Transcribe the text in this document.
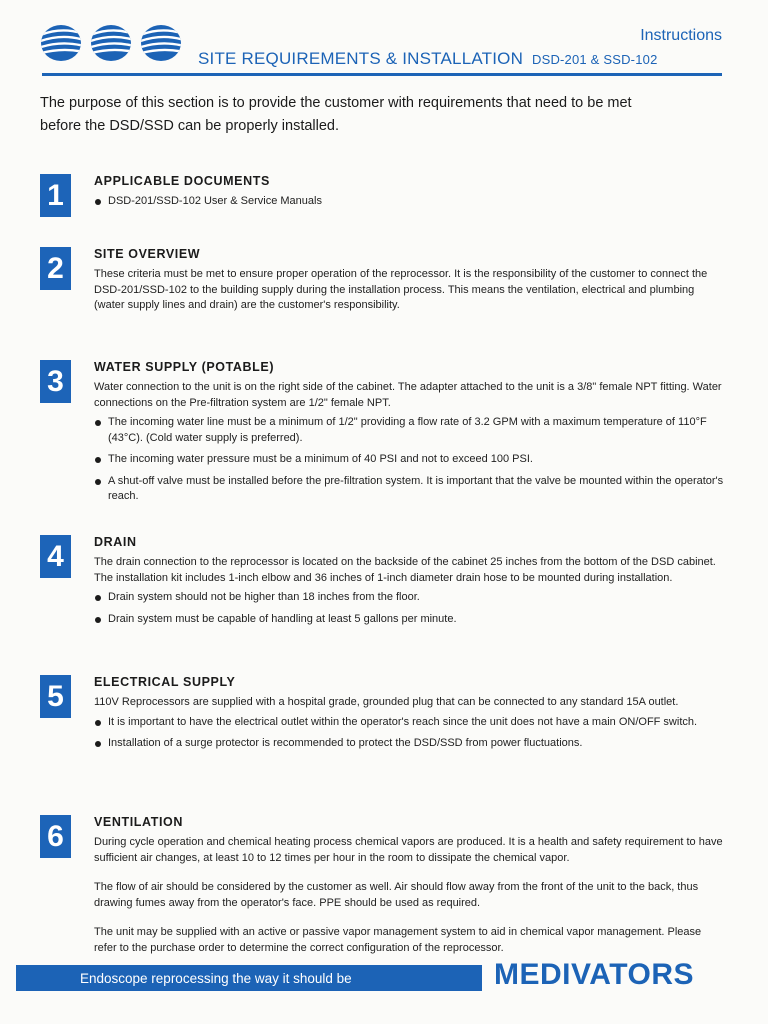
Instructions
SITE REQUIREMENTS & INSTALLATION DSD-201 & SSD-102
The purpose of this section is to provide the customer with requirements that need to be met
before the DSD/SSD can be properly installed.
1	APPLICABLE DOCUMENTS
DSD-201/SSD-102 User & Service Manuals
2	SITE OVERVIEW

These criteria must be met to ensure proper operation of the reprocessor. It is the responsibility of the customer to connect the DSD-201/SSD-102 to the building supply during the installation process. This means the ventilation, electrical and plumbing (water supply lines and drain) are the customer's responsibility.

3	WATER SUPPLY (POTABLE)

Water connection to the unit is on the right side of the cabinet. The adapter attached to the unit is a 3/8" female NPT fitting. Water connections on the Pre-filtration system are 1/2" female NPT.

The incoming water line must be a minimum of 1/2" providing a flow rate of 3.2 GPM with a maximum temperature of 110°F (43°C). (Cold water supply is preferred).
The incoming water pressure must be a minimum of 40 PSI and not to exceed 100 PSI.
A shut-off valve must be installed before the pre-filtration system. It is important that the valve be mounted within the operator's reach.
4	DRAIN

The drain connection to the reprocessor is located on the backside of the cabinet 25 inches from the bottom of the DSD cabinet. The installation kit includes 1-inch elbow and 36 inches of 1-inch diameter drain hose to be mounted during installation.

Drain system should not be higher than 18 inches from the floor.
Drain system must be capable of handling at least 5 gallons per minute.
5	ELECTRICAL SUPPLY

110V Reprocessors are supplied with a hospital grade, grounded plug that can be connected to any standard 15A outlet.

It is important to have the electrical outlet within the operator's reach since the unit does not have a main ON/OFF switch.
Installation of a surge protector is recommended to protect the DSD/SSD from power fluctuations.
6	VENTILATION

During cycle operation and chemical heating process chemical vapors are produced. It is a health and safety requirement to have sufficient air changes, at least 10 to 12 times per hour in the room to dissipate the chemical vapor.

The flow of air should be considered by the customer as well. Air should flow away from the front of the unit to the back, thus drawing fumes away from the operator's face. PPE should be used as required.

The unit may be supplied with an active or passive vapor management system to aid in chemical vapor management. Please refer to the purchase order to determine the correct configuration of the reprocessor.

Endoscope reprocessing the way it should be	MEDIVATORS
